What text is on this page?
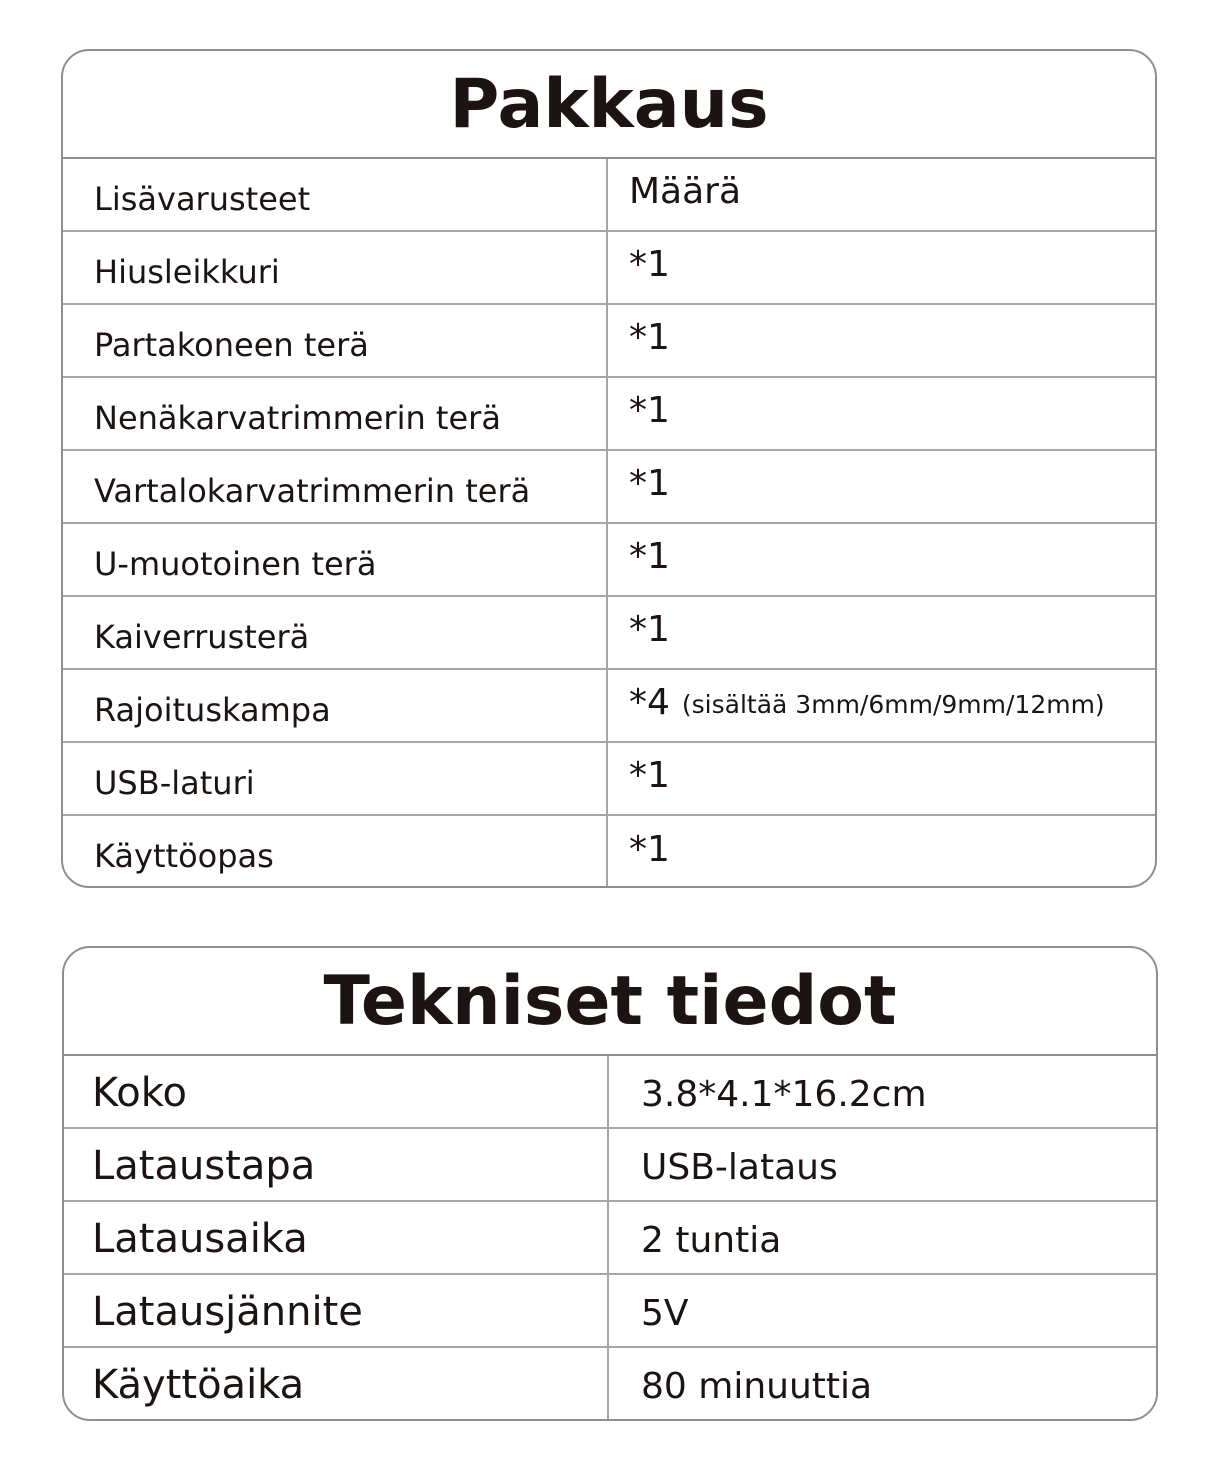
Pakkaus
Lisävarusteet	Määrä
Hiusleikkuri	*1
Partakoneen terä	*1
Nenäkarvatrimmerin terä	*1
Vartalokarvatrimmerin terä	*1
U-muotoinen terä	*1
Kaiverrusterä	*1
Rajoituskampa	*4 (sisältää 3mm/6mm/9mm/12mm)
USB-laturi	*1
Käyttöopas	*1
Tekniset tiedot
Koko	3.8*4.1*16.2cm
Lataustapa	USB-lataus
Latausaika	2 tuntia
Latausjännite	5V
Käyttöaika	80 minuuttia
